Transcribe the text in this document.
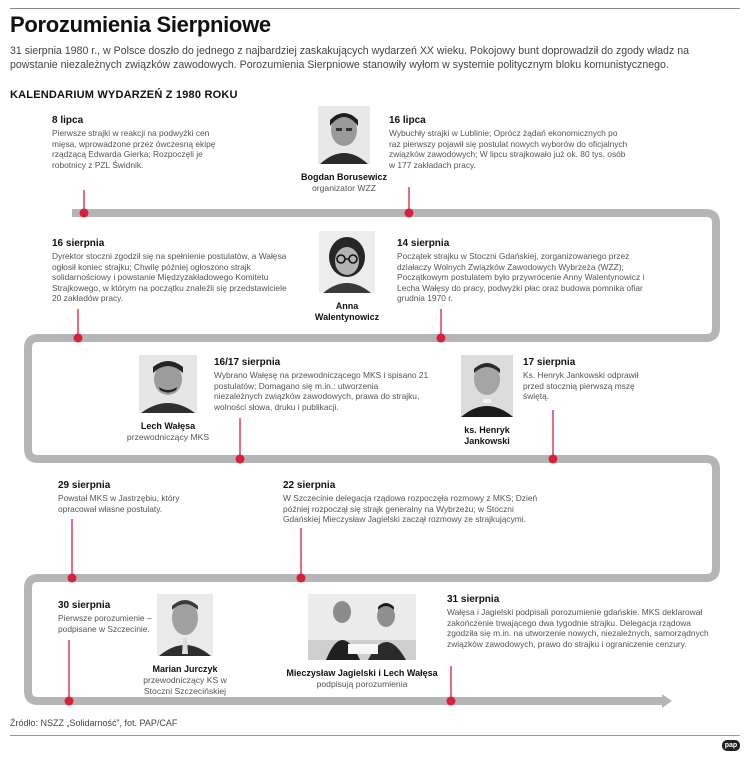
Porozumienia Sierpniowe
31 sierpnia 1980 r., w Polsce doszło do jednego z najbardziej zaskakujących wydarzeń XX wieku. Pokojowy bunt doprowadził do zgody władz na powstanie niezależnych związków zawodowych. Porozumienia Sierpniowe stanowiły wyłom w systemie politycznym bloku komunistycznego.
KALENDARIUM WYDARZEŃ Z 1980 ROKU
8 lipca
Pierwsze strajki w reakcji na podwyżki cen mięsa, wprowadzone przez ówczesną ekipę rządzącą Edwarda Gierka; Rozpoczęli je robotnicy z PZL Świdnik.
16 lipca
Wybuchły strajki w Lublinie; Oprócz żądań ekonomicznych po raz pierwszy pojawił się postulat nowych wyborów do oficjalnych związków zawodowych; W lipcu strajkowało już ok. 80 tys. osób w 177 zakładach pracy.
16 sierpnia
Dyrektor stoczni zgodził się na spełnienie postulatów, a Wałęsa ogłosił koniec strajku; Chwilę później ogłoszono strajk solidarnościowy i powstanie Międzyzakładowego Komitetu Strajkowego, w którym na początku znaleźli się przedstawiciele 20 zakładów pracy.
14 sierpnia
Początek strajku w Stoczni Gdańskiej, zorganizowanego przez działaczy Wolnych Związków Zawodowych Wybrzeża (WZZ); Początkowym postulatem było przywrócenie Anny Walentynowicz i Lecha Wałęsy do pracy, podwyżki płac oraz budowa pomnika ofiar grudnia 1970 r.
16/17 sierpnia
Wybrano Wałęsę na przewodniczącego MKS i spisano 21 postulatów; Domagano się m.in.: utworzenia niezależnych związków zawodowych, prawa do strajku, wolności słowa, druku i publikacji.
17 sierpnia
Ks. Henryk Jankowski odprawił przed stocznią pierwszą mszę świętą.
29 sierpnia
Powstał MKS w Jastrzębiu, który opracował własne postulaty.
22 sierpnia
W Szczecinie delegacja rządowa rozpoczęła rozmowy z MKS; Dzień później rozpoczął się strajk generalny na Wybrzeżu; w Stoczni Gdańskiej Mieczysław Jagielski zaczął rozmowy ze strajkującymi.
30 sierpnia
Pierwsze porozumienie – podpisane w Szczecinie.
31 sierpnia
Wałęsa i Jagielski podpisali porozumienie gdańskie. MKS deklarował zakończenie trwającego dwa tygodnie strajku. Delegacja rządowa zgodziła się m.in. na utworzenie nowych, niezależnych, samorządnych związków zawodowych, prawo do strajku i ograniczenie cenzury.
Bogdan Borusewicz
organizator WZZ
Anna Walentynowicz
Lech Wałęsa
przewodniczący MKS
ks. Henryk Jankowski
Marian Jurczyk
przewodniczący KS w Stoczni Szczecińskiej
Mieczysław Jagielski i Lech Wałęsa
podpisują porozumienia
Źródło: NSZZ „Solidarność”, fot. PAP/CAF
pap
